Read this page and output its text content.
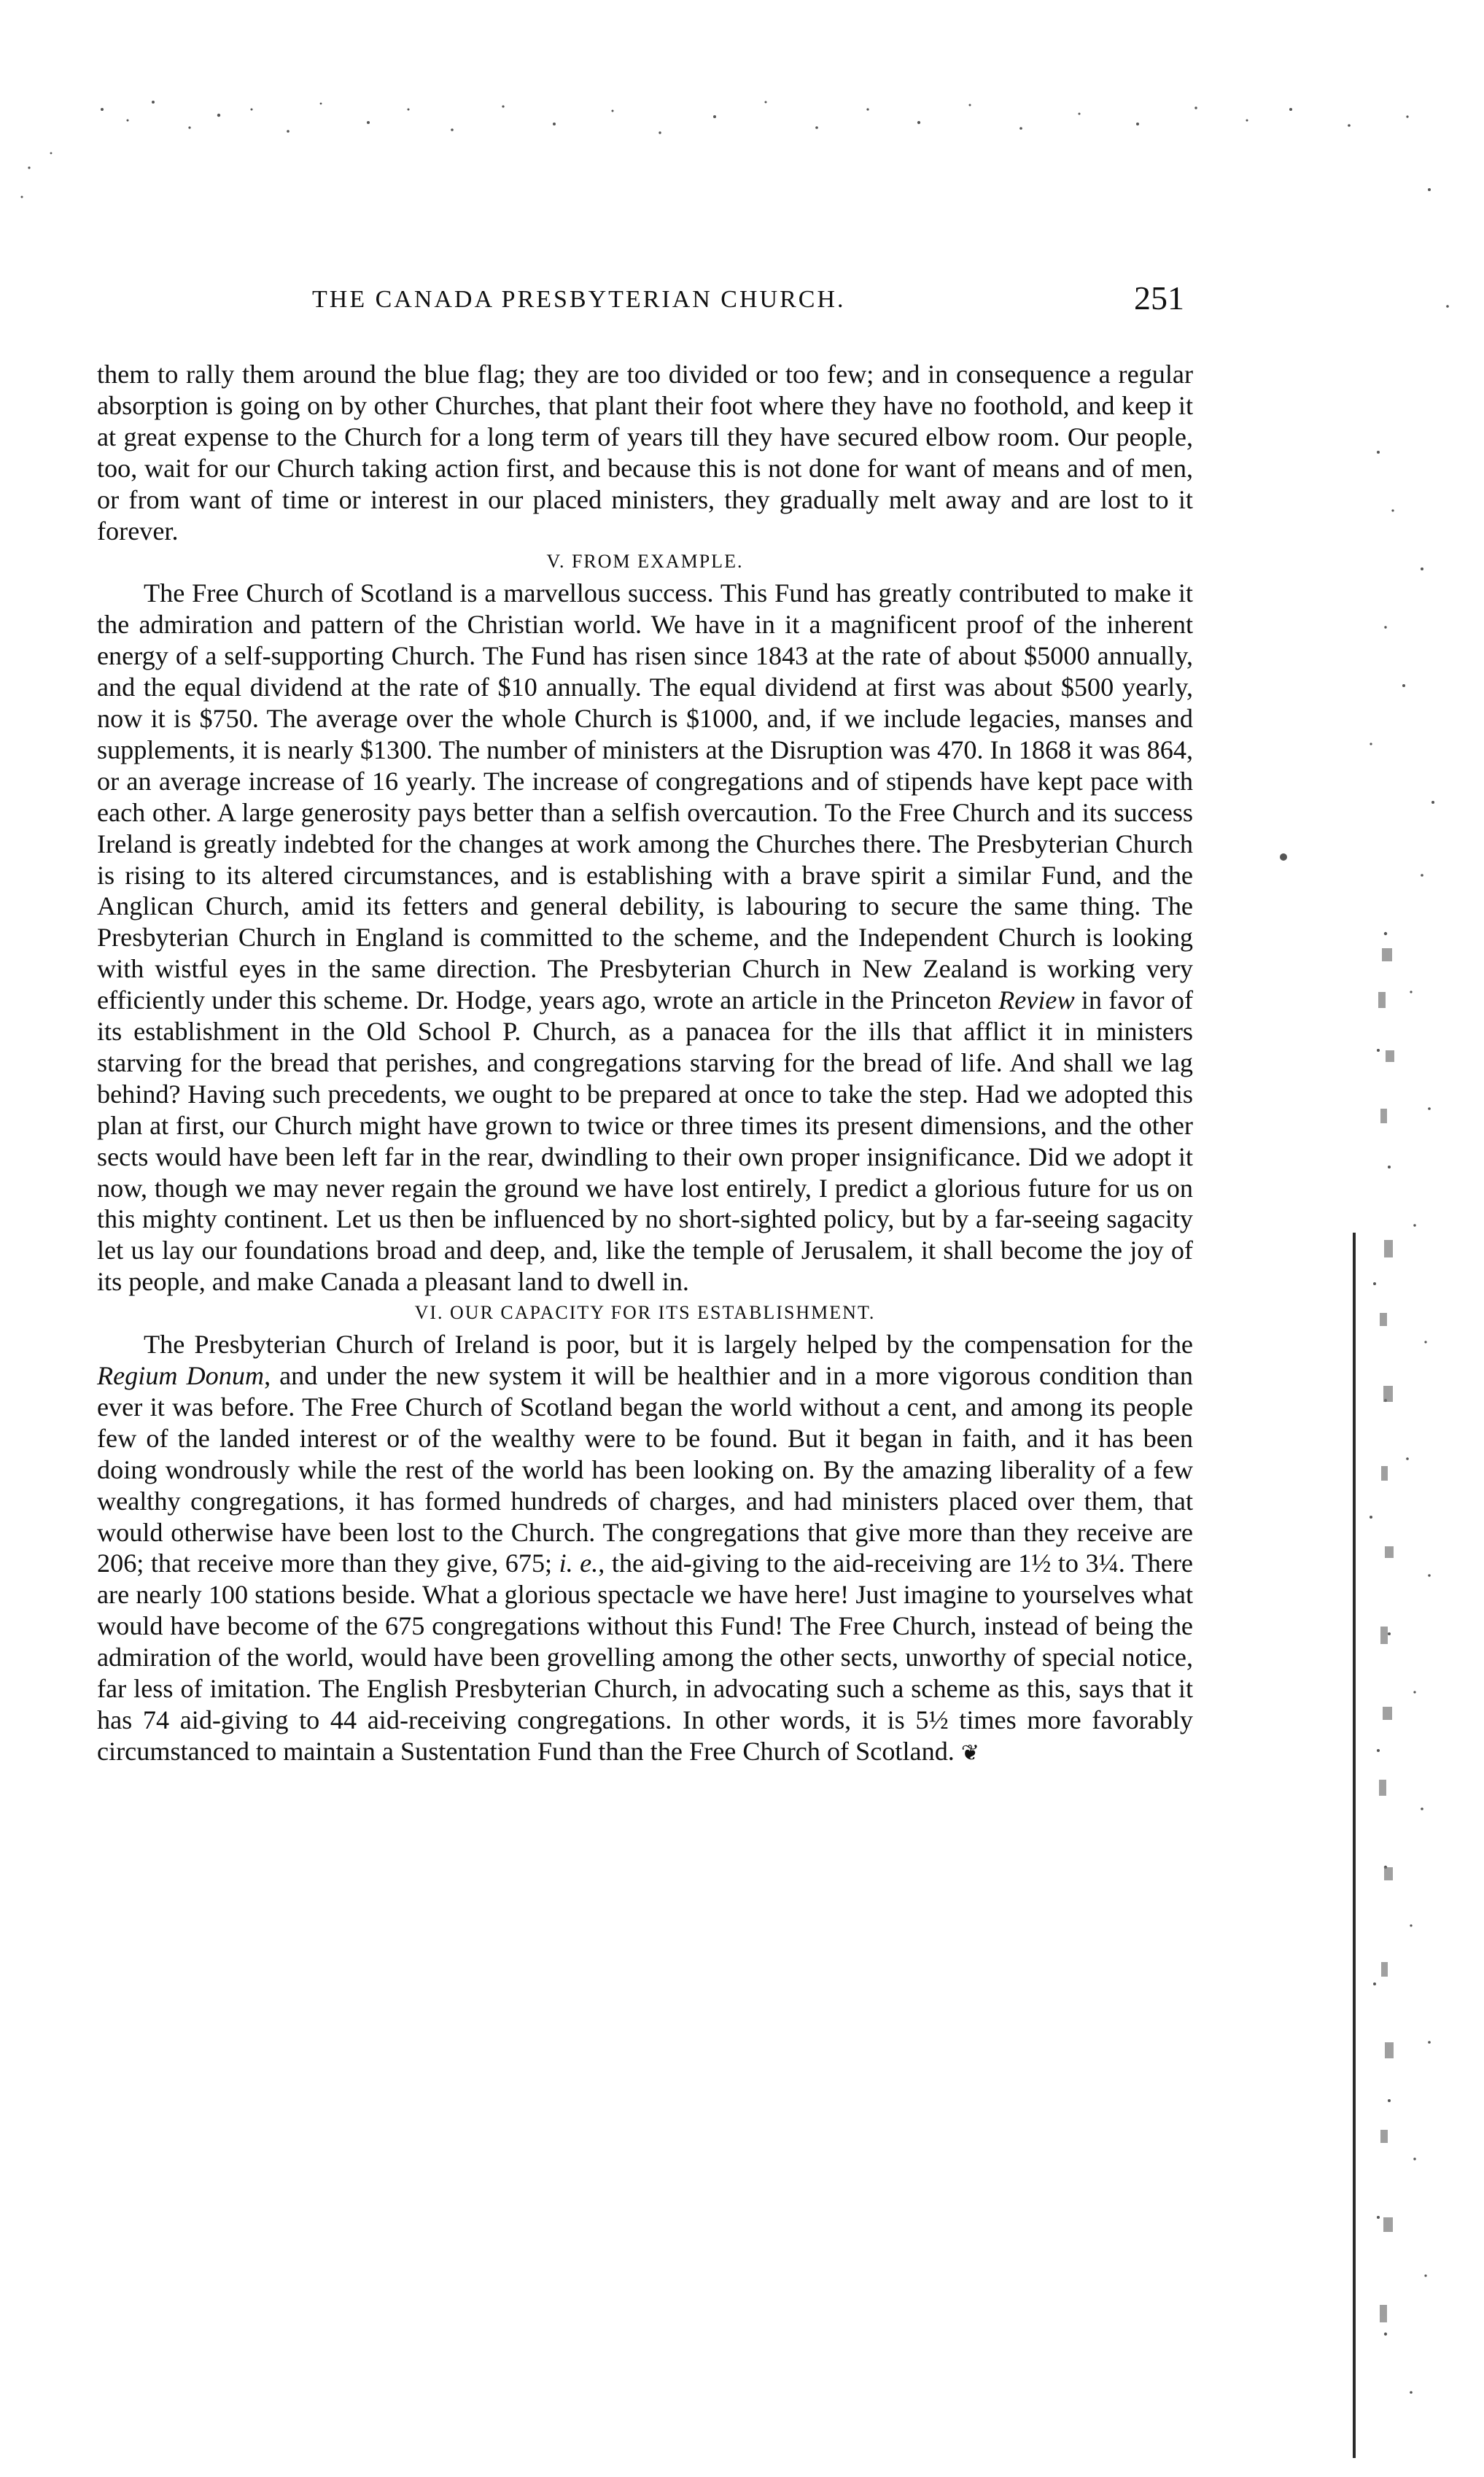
THE CANADA PRESBYTERIAN CHURCH.	251

them to rally them around the blue flag; they are too divided or too few; and in consequence a regular absorption is going on by other Churches, that plant their foot where they have no foothold, and keep it at great expense to the Church for a long term of years till they have secured elbow room. Our people, too, wait for our Church taking action first, and because this is not done for want of means and of men, or from want of time or interest in our placed ministers, they gradually melt away and are lost to it forever.

V. FROM EXAMPLE.

The Free Church of Scotland is a marvellous success. This Fund has greatly contributed to make it the admiration and pattern of the Christian world. We have in it a magnificent proof of the inherent energy of a self-supporting Church. The Fund has risen since 1843 at the rate of about $5000 annually, and the equal dividend at the rate of $10 annually. The equal dividend at first was about $500 yearly, now it is $750. The average over the whole Church is $1000, and, if we include legacies, manses and supplements, it is nearly $1300. The number of ministers at the Disruption was 470. In 1868 it was 864, or an average increase of 16 yearly. The increase of congregations and of stipends have kept pace with each other. A large generosity pays better than a selfish overcaution. To the Free Church and its success Ireland is greatly indebted for the changes at work among the Churches there. The Presbyterian Church is rising to its altered circumstances, and is establishing with a brave spirit a similar Fund, and the Anglican Church, amid its fetters and general debility, is labouring to secure the same thing. The Presbyterian Church in England is committed to the scheme, and the Independent Church is looking with wistful eyes in the same direction. The Presbyterian Church in New Zealand is working very efficiently under this scheme. Dr. Hodge, years ago, wrote an article in the Princeton Review in favor of its establishment in the Old School P. Church, as a panacea for the ills that afflict it in ministers starving for the bread that perishes, and congregations starving for the bread of life. And shall we lag behind? Having such precedents, we ought to be prepared at once to take the step. Had we adopted this plan at first, our Church might have grown to twice or three times its present dimensions, and the other sects would have been left far in the rear, dwindling to their own proper insignificance. Did we adopt it now, though we may never regain the ground we have lost entirely, I predict a glorious future for us on this mighty continent. Let us then be influenced by no short-sighted policy, but by a far-seeing sagacity let us lay our foundations broad and deep, and, like the temple of Jerusalem, it shall become the joy of its people, and make Canada a pleasant land to dwell in.

VI. OUR CAPACITY FOR ITS ESTABLISHMENT.

The Presbyterian Church of Ireland is poor, but it is largely helped by the compensation for the Regium Donum, and under the new system it will be healthier and in a more vigorous condition than ever it was before. The Free Church of Scotland began the world without a cent, and among its people few of the landed interest or of the wealthy were to be found. But it began in faith, and it has been doing wondrously while the rest of the world has been looking on. By the amazing liberality of a few wealthy congregations, it has formed hundreds of charges, and had ministers placed over them, that would otherwise have been lost to the Church. The congregations that give more than they receive are 206; that receive more than they give, 675; i. e., the aid-giving to the aid-receiving are 1½ to 3¼. There are nearly 100 stations beside. What a glorious spectacle we have here! Just imagine to yourselves what would have become of the 675 congregations without this Fund! The Free Church, instead of being the admiration of the world, would have been grovelling among the other sects, unworthy of special notice, far less of imitation. The English Presbyterian Church, in advocating such a scheme as this, says that it has 74 aid-giving to 44 aid-receiving congregations. In other words, it is 5½ times more favorably circumstanced to maintain a Sustentation Fund than the Free Church of Scotland. ❦
